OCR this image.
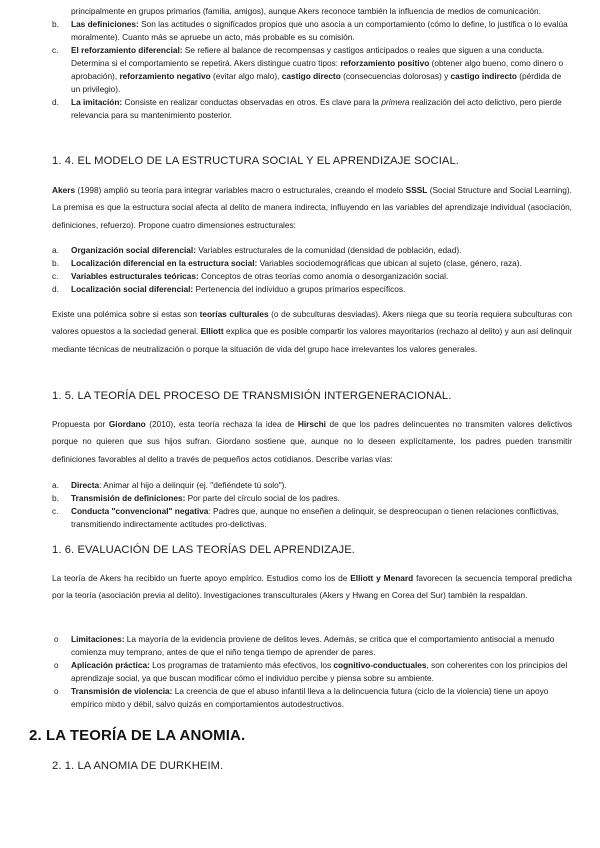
principalmente en grupos primarios (familia, amigos), aunque Akers reconoce también la influencia de medios de comunicación.
b. Las definiciones: Son las actitudes o significados propios que uno asocia a un comportamiento (cómo lo define, lo justifica o lo evalúa moralmente). Cuanto más se apruebe un acto, más probable es su comisión.
c. El reforzamiento diferencial: Se refiere al balance de recompensas y castigos anticipados o reales que siguen a una conducta. Determina si el comportamiento se repetirá. Akers distingue cuatro tipos: reforzamiento positivo (obtener algo bueno, como dinero o aprobación), reforzamiento negativo (evitar algo malo), castigo directo (consecuencias dolorosas) y castigo indirecto (pérdida de un privilegio).
d. La imitación: Consiste en realizar conductas observadas en otros. Es clave para la primera realización del acto delictivo, pero pierde relevancia para su mantenimiento posterior.
1. 4. EL MODELO DE LA ESTRUCTURA SOCIAL Y EL APRENDIZAJE SOCIAL.

Akers (1998) amplió su teoría para integrar variables macro o estructurales, creando el modelo SSSL (Social Structure and Social Learning). La premisa es que la estructura social afecta al delito de manera indirecta, influyendo en las variables del aprendizaje individual (asociación, definiciones, refuerzo). Propone cuatro dimensiones estructurales:

a. Organización social diferencial: Variables estructurales de la comunidad (densidad de población, edad).
b. Localización diferencial en la estructura social: Variables sociodemográficas que ubican al sujeto (clase, género, raza).
c. Variables estructurales teóricas: Conceptos de otras teorías como anomia o desorganización social.
d. Localización social diferencial: Pertenencia del individuo a grupos primarios específicos.

Existe una polémica sobre si estas son teorías culturales (o de subculturas desviadas). Akers niega que su teoría requiera subculturas con valores opuestos a la sociedad general. Elliott explica que es posible compartir los valores mayoritarios (rechazo al delito) y aun así delinquir mediante técnicas de neutralización o porque la situación de vida del grupo hace irrelevantes los valores generales.

1. 5. LA TEORÍA DEL PROCESO DE TRANSMISIÓN INTERGENERACIONAL.

Propuesta por Giordano (2010), esta teoría rechaza la idea de Hirschi de que los padres delincuentes no transmiten valores delictivos porque no quieren que sus hijos sufran. Giordano sostiene que, aunque no lo deseen explícitamente, los padres pueden transmitir definiciones favorables al delito a través de pequeños actos cotidianos. Describe varias vías:

a. Directa: Animar al hijo a delinquir (ej. "defiéndete tú solo").
b. Transmisión de definiciones: Por parte del círculo social de los padres.
c. Conducta "convencional" negativa: Padres que, aunque no enseñen a delinquir, se despreocupan o tienen relaciones conflictivas, transmitiendo indirectamente actitudes pro-delictivas.
1. 6. EVALUACIÓN DE LAS TEORÍAS DEL APRENDIZAJE.

La teoría de Akers ha recibido un fuerte apoyo empírico. Estudios como los de Elliott y Menard favorecen la secuencia temporal predicha por la teoría (asociación previa al delito). Investigaciones transculturales (Akers y Hwang en Corea del Sur) también la respaldan.

o Limitaciones: La mayoría de la evidencia proviene de delitos leves. Además, se critica que el comportamiento antisocial a menudo comienza muy temprano, antes de que el niño tenga tiempo de aprender de pares.
o Aplicación práctica: Los programas de tratamiento más efectivos, los cognitivo-conductuales, son coherentes con los principios del aprendizaje social, ya que buscan modificar cómo el individuo percibe y piensa sobre su ambiente.
o Transmisión de violencia: La creencia de que el abuso infantil lleva a la delincuencia futura (ciclo de la violencia) tiene un apoyo empírico mixto y débil, salvo quizás en comportamientos autodestructivos.
2. LA TEORÍA DE LA ANOMIA.
2. 1. LA ANOMIA DE DURKHEIM.
